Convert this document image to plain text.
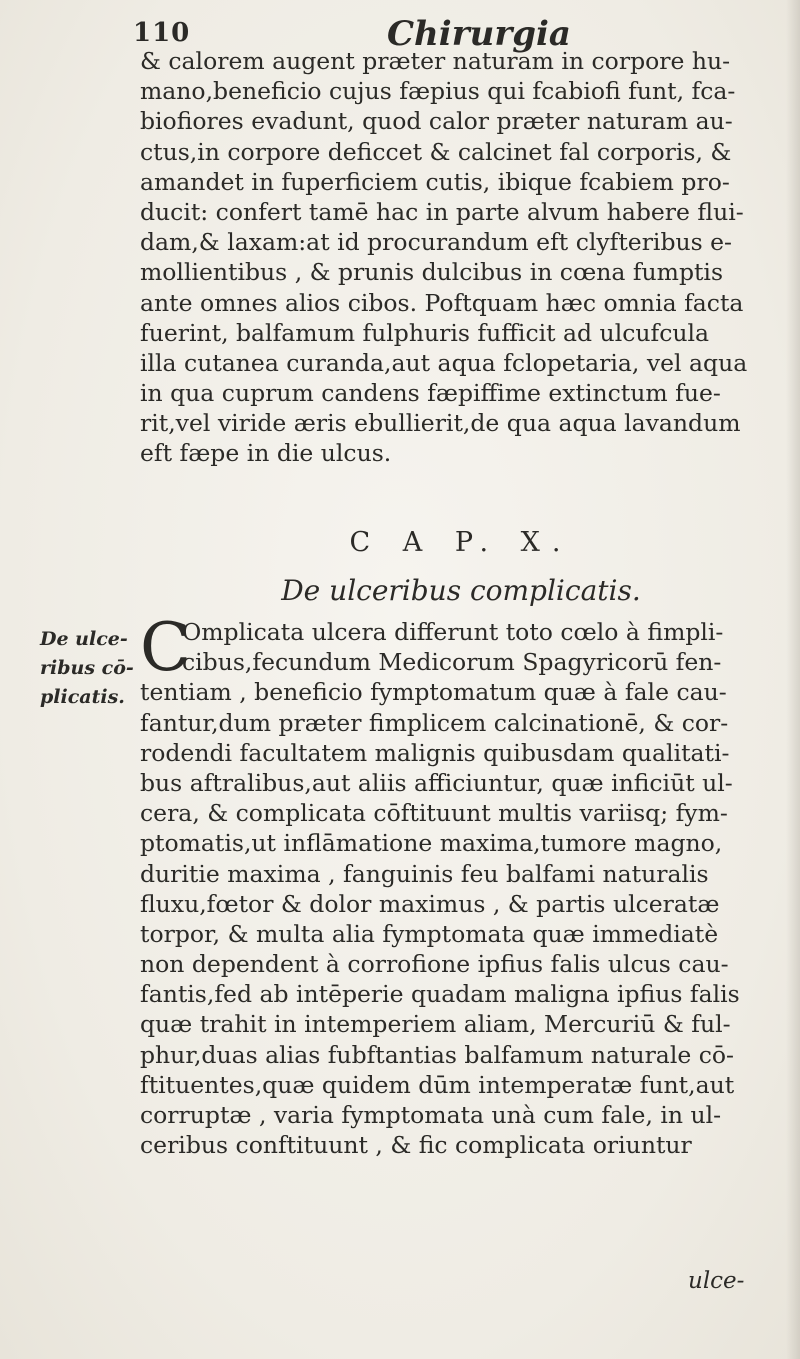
110	Chirurgia
& calorem augent præter naturam in corpore hu-
mano,beneficio cujus fæpius qui fcabiofi funt, fca-
biofiores evadunt, quod calor præter naturam au-
ctus,in corpore deficcet & calcinet fal corporis, &
amandet in fuperficiem cutis, ibique fcabiem pro-
ducit: confert tamē hac in parte alvum habere flui-
dam,& laxam:at id procurandum eft clyfteribus e-
mollientibus , & prunis dulcibus in cœna fumptis
ante omnes alios cibos. Poftquam hæc omnia facta
fuerint, balfamum fulphuris fufficit ad ulcufcula
illa cutanea curanda,aut aqua fclopetaria, vel aqua
in qua cuprum candens fæpiffime extinctum fue-
rit,vel viride æris ebullierit,de qua aqua lavandum
eft fæpe in die ulcus.
C A P. X.
De ulceribus complicatis.
De ulce-
ribus cō-
plicatis.
C
Omplicata ulcera differunt toto cœlo à fimpli-
cibus,fecundum Medicorum Spagyricorū fen-
tentiam , beneficio fymptomatum quæ à fale cau-
fantur,dum præter fimplicem calcinationē, & cor-
rodendi facultatem malignis quibusdam qualitati-
bus aftralibus,aut aliis afficiuntur, quæ inficiūt ul-
cera, & complicata cōftituunt multis variisq; fym-
ptomatis,ut inflāmatione maxima,tumore magno,
duritie maxima , fanguinis feu balfami naturalis
fluxu,fœtor & dolor maximus , & partis ulceratæ
torpor, & multa alia fymptomata quæ immediatè
non dependent à corrofione ipfius falis ulcus cau-
fantis,fed ab intēperie quadam maligna ipfius falis
quæ trahit in intemperiem aliam, Mercuriū & ful-
phur,duas alias fubftantias balfamum naturale cō-
ftituentes,quæ quidem dūm intemperatæ funt,aut
corruptæ , varia fymptomata unà cum fale, in ul-
ceribus conftituunt , & fic complicata oriuntur
ulce-
